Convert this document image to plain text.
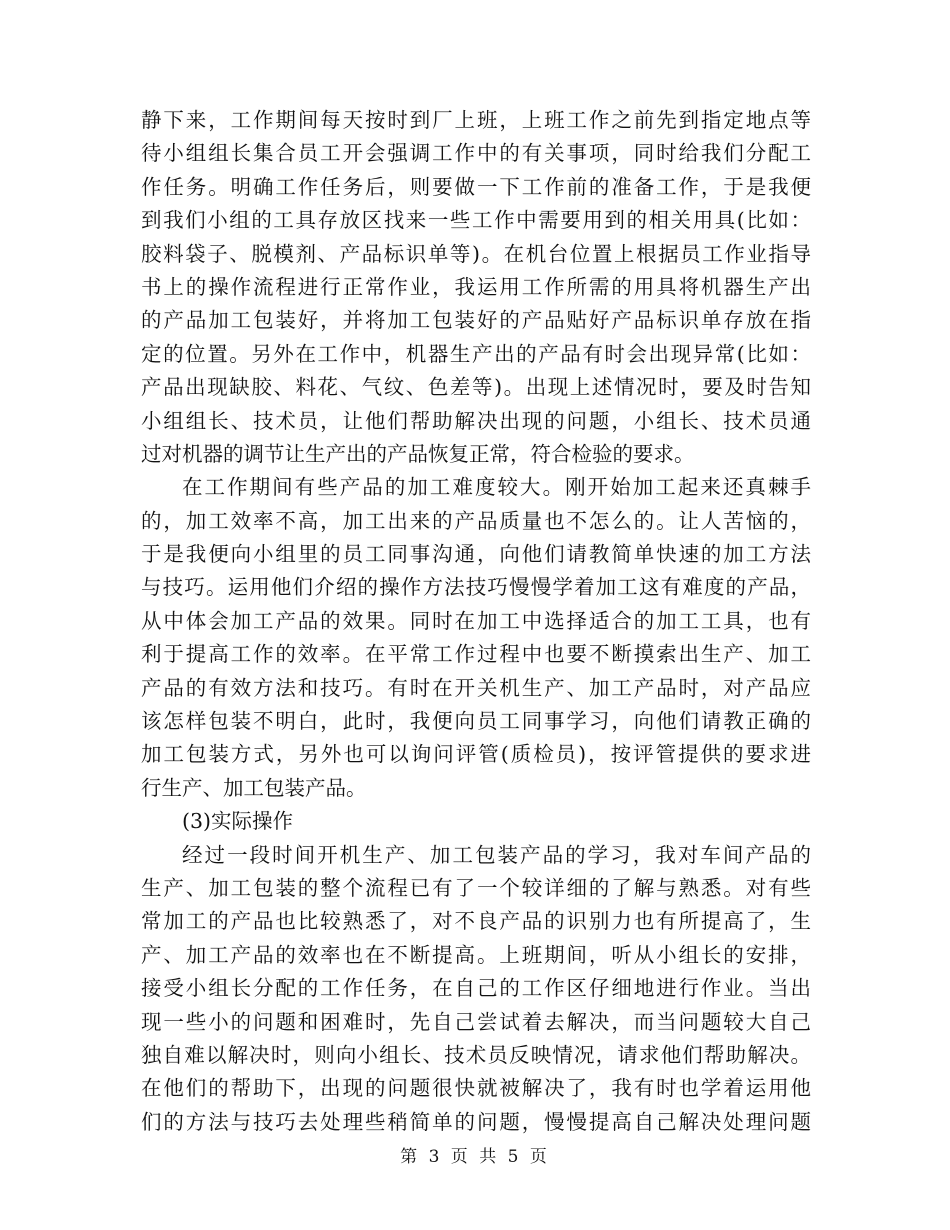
静下来，工作期间每天按时到厂上班，上班工作之前先到指定地点等
待小组组长集合员工开会强调工作中的有关事项，同时给我们分配工
作任务。明确工作任务后，则要做一下工作前的准备工作，于是我便
到我们小组的工具存放区找来一些工作中需要用到的相关用具(比如：
胶料袋子、脱模剂、产品标识单等)。在机台位置上根据员工作业指导
书上的操作流程进行正常作业，我运用工作所需的用具将机器生产出
的产品加工包装好，并将加工包装好的产品贴好产品标识单存放在指
定的位置。另外在工作中，机器生产出的产品有时会出现异常(比如：
产品出现缺胶、料花、气纹、色差等)。出现上述情况时，要及时告知
小组组长、技术员，让他们帮助解决出现的问题，小组长、技术员通
过对机器的调节让生产出的产品恢复正常，符合检验的要求。
在工作期间有些产品的加工难度较大。刚开始加工起来还真棘手
的，加工效率不高，加工出来的产品质量也不怎么的。让人苦恼的，
于是我便向小组里的员工同事沟通，向他们请教简单快速的加工方法
与技巧。运用他们介绍的操作方法技巧慢慢学着加工这有难度的产品，
从中体会加工产品的效果。同时在加工中选择适合的加工工具，也有
利于提高工作的效率。在平常工作过程中也要不断摸索出生产、加工
产品的有效方法和技巧。有时在开关机生产、加工产品时，对产品应
该怎样包装不明白，此时，我便向员工同事学习，向他们请教正确的
加工包装方式，另外也可以询问评管(质检员)，按评管提供的要求进
行生产、加工包装产品。
(3)实际操作
经过一段时间开机生产、加工包装产品的学习，我对车间产品的
生产、加工包装的整个流程已有了一个较详细的了解与熟悉。对有些
常加工的产品也比较熟悉了，对不良产品的识别力也有所提高了，生
产、加工产品的效率也在不断提高。上班期间，听从小组长的安排，
接受小组长分配的工作任务，在自己的工作区仔细地进行作业。当出
现一些小的问题和困难时，先自己尝试着去解决，而当问题较大自己
独自难以解决时，则向小组长、技术员反映情况，请求他们帮助解决。
在他们的帮助下，出现的问题很快就被解决了，我有时也学着运用他
们的方法与技巧去处理些稍简单的问题，慢慢提高自己解决处理问题
第 3 页 共 5 页
